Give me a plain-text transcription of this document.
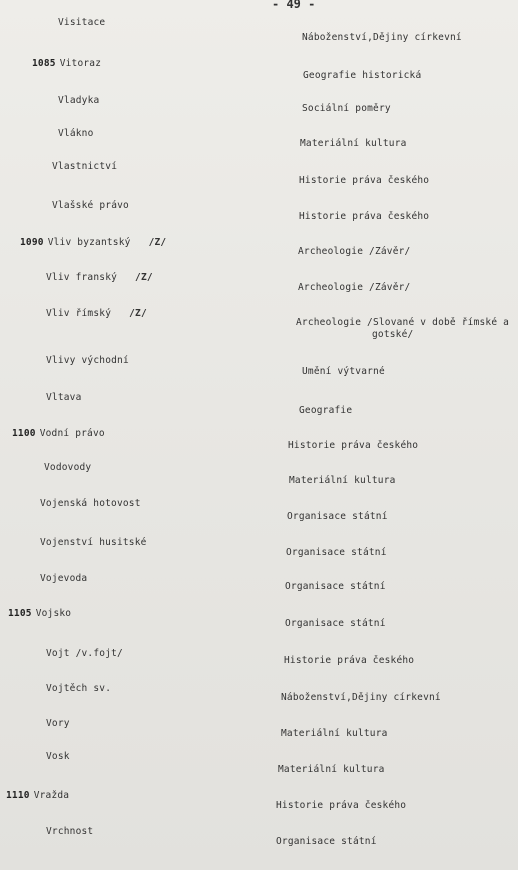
- 49 -
Visitace
Náboženství,Dějiny církevní
1085 Vitoraz
Geografie historická
Vladyka
Sociální poměry
Vlákno
Materiální kultura
Vlastnictví
Historie práva českého
Vlašské právo
Historie práva českého
1090 Vliv byzantský /Z/
Archeologie /Závěr/
Vliv franský /Z/
Archeologie /Závěr/
Vliv římský /Z/
Archeologie /Slované v době římské a
gotské/
Vlivy východní
Umění výtvarné
Vltava
Geografie
1100 Vodní právo
Historie práva českého
Vodovody
Materiální kultura
Vojenská hotovost
Organisace státní
Vojenství husitské
Organisace státní
Vojevoda
Organisace státní
1105 Vojsko
Organisace státní
Vojt /v.fojt/
Historie práva českého
Vojtěch sv.
Náboženství,Dějiny církevní
Vory
Materiální kultura
Vosk
Materiální kultura
1110 Vražda
Historie práva českého
Vrchnost
Organisace státní
